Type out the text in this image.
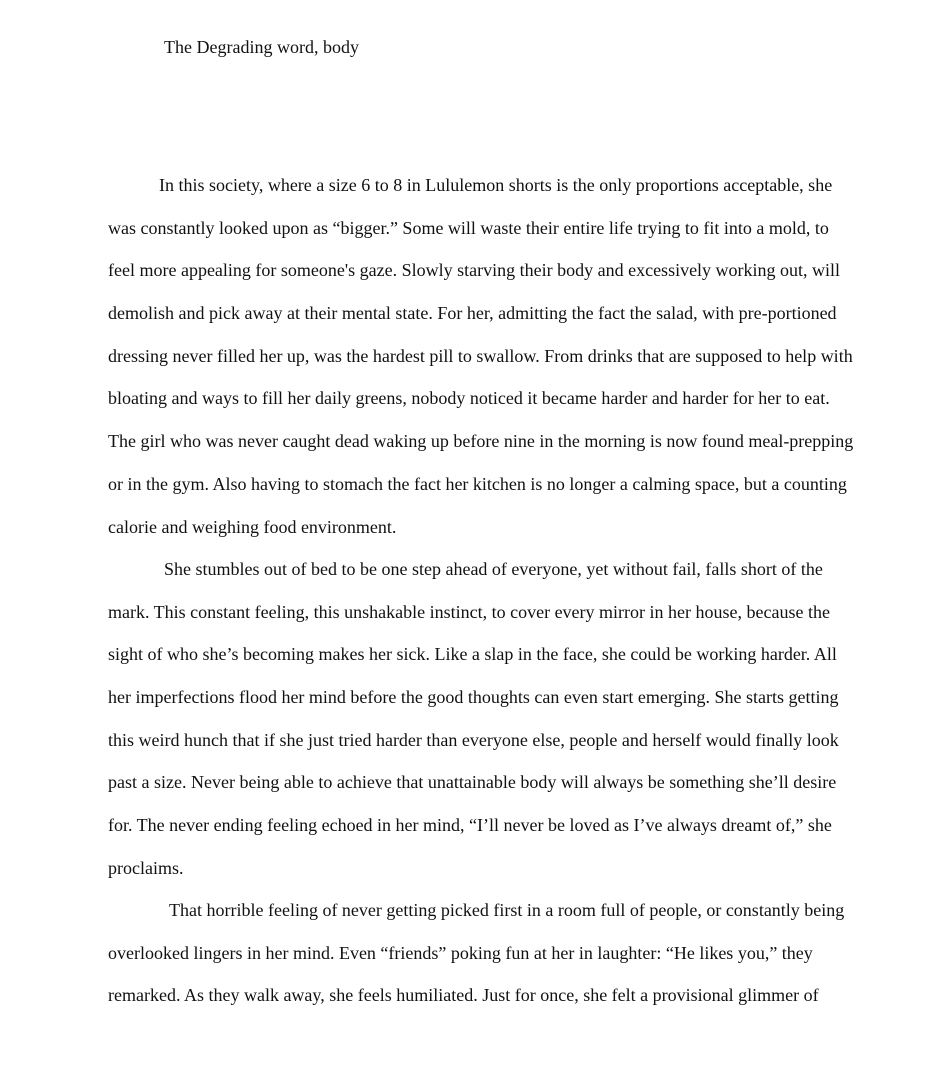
The Degrading word, body
In this society, where a size 6 to 8 in Lululemon shorts is the only proportions acceptable, she
was constantly looked upon as “bigger.” Some will waste their entire life trying to fit into a mold, to
feel more appealing for someone's gaze. Slowly starving their body and excessively working out, will
demolish and pick away at their mental state. For her, admitting the fact the salad, with pre-portioned
dressing never filled her up, was the hardest pill to swallow. From drinks that are supposed to help with
bloating and ways to fill her daily greens, nobody noticed it became harder and harder for her to eat.
The girl who was never caught dead waking up before nine in the morning is now found meal-prepping
or in the gym. Also having to stomach the fact her kitchen is no longer a calming space, but a counting
calorie and weighing food environment.
She stumbles out of bed to be one step ahead of everyone, yet without fail, falls short of the
mark. This constant feeling, this unshakable instinct, to cover every mirror in her house, because the
sight of who she’s becoming makes her sick. Like a slap in the face, she could be working harder. All
her imperfections flood her mind before the good thoughts can even start emerging. She starts getting
this weird hunch that if she just tried harder than everyone else, people and herself would finally look
past a size. Never being able to achieve that unattainable body will always be something she’ll desire
for. The never ending feeling echoed in her mind, “I’ll never be loved as I’ve always dreamt of,” she
proclaims.
That horrible feeling of never getting picked first in a room full of people, or constantly being
overlooked lingers in her mind. Even “friends” poking fun at her in laughter: “He likes you,” they
remarked. As they walk away, she feels humiliated. Just for once, she felt a provisional glimmer of
